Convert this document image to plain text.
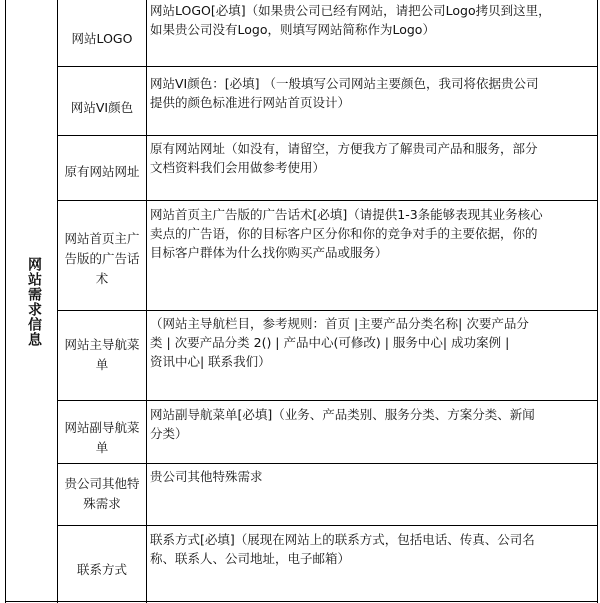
网站需求信息
网站LOGO
网站LOGO[必填]（如果贵公司已经有网站，请把公司Logo拷贝到这里，
如果贵公司没有Logo，则填写网站简称作为Logo）
网站VI颜色
网站VI颜色：[必填] （一般填写公司网站主要颜色，我司将依据贵公司
提供的颜色标准进行网站首页设计）
原有网站网址
原有网站网址（如没有，请留空，方便我方了解贵司产品和服务，部分
文档资料我们会用做参考使用）
网站首页主广告版的广告话术
网站首页主广告版的广告话术[必填]（请提供1-3条能够表现其业务核心
卖点的广告语，你的目标客户区分你和你的竞争对手的主要依据，你的
目标客户群体为什么找你购买产品或服务）
网站主导航菜单
（网站主导航栏目，参考规则：首页 |主要产品分类名称| 次要产品分
类 | 次要产品分类 2() | 产品中心(可修改) | 服务中心| 成功案例 |
资讯中心| 联系我们）
网站副导航菜单
网站副导航菜单[必填]（业务、产品类别、服务分类、方案分类、新闻
分类）
贵公司其他特殊需求
贵公司其他特殊需求
联系方式
联系方式[必填]（展现在网站上的联系方式，包括电话、传真、公司名
称、联系人、公司地址，电子邮箱）
